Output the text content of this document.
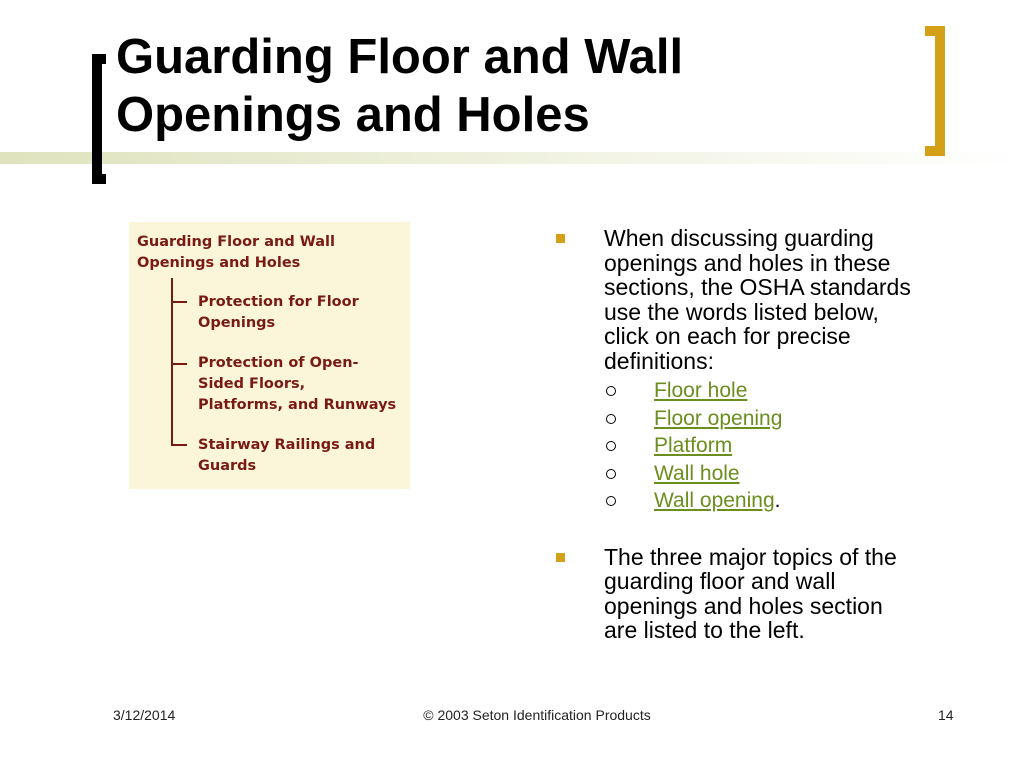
Guarding Floor and Wall
Openings and Holes
Guarding Floor and Wall
Openings and Holes
Protection for Floor
Openings
Protection of Open-
Sided Floors,
Platforms, and Runways
Stairway Railings and
Guards
When discussing guarding
openings and holes in these
sections, the OSHA standards
use the words listed below,
click on each for precise
definitions:
Floor hole
Floor opening
Platform
Wall hole
Wall opening.
The three major topics of the
guarding floor and wall
openings and holes section
are listed to the left.
3/12/2014	© 2003 Seton Identification Products	14
